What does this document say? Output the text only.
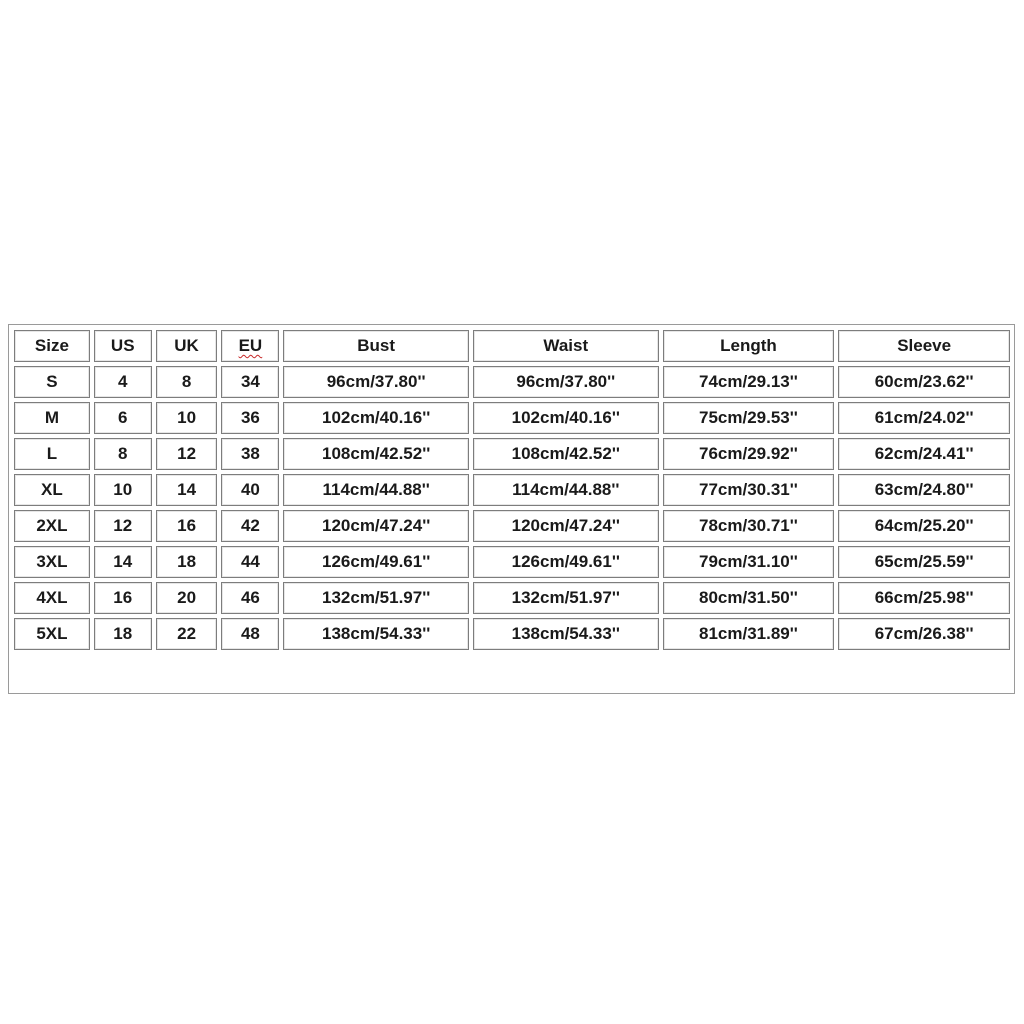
Size	US	UK	EU	Bust	Waist	Length	Sleeve
S	4	8	34	96cm/37.80''	96cm/37.80''	74cm/29.13''	60cm/23.62''
M	6	10	36	102cm/40.16''	102cm/40.16''	75cm/29.53''	61cm/24.02''
L	8	12	38	108cm/42.52''	108cm/42.52''	76cm/29.92''	62cm/24.41''
XL	10	14	40	114cm/44.88''	114cm/44.88''	77cm/30.31''	63cm/24.80''
2XL	12	16	42	120cm/47.24''	120cm/47.24''	78cm/30.71''	64cm/25.20''
3XL	14	18	44	126cm/49.61''	126cm/49.61''	79cm/31.10''	65cm/25.59''
4XL	16	20	46	132cm/51.97''	132cm/51.97''	80cm/31.50''	66cm/25.98''
5XL	18	22	48	138cm/54.33''	138cm/54.33''	81cm/31.89''	67cm/26.38''
